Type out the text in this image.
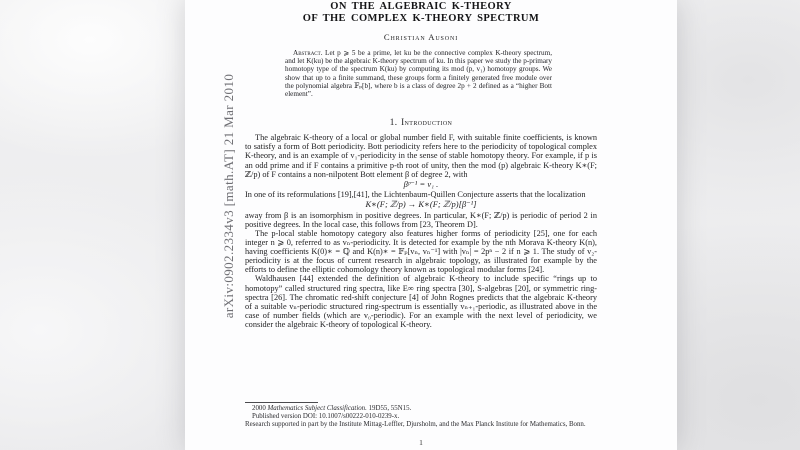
arXiv:0902.2334v3 [math.AT] 21 Mar 2010
ON THE ALGEBRAIC K-THEORY
OF THE COMPLEX K-THEORY SPECTRUM
Christian Ausoni

Abstract. Let p ⩾ 5 be a prime, let ku be the connective complex K-theory spectrum, and let K(ku) be the algebraic K-theory spectrum of ku. In this paper we study the p-primary homotopy type of the spectrum K(ku) by computing its mod (p, v₁) homotopy groups. We show that up to a finite summand, these groups form a finitely generated free module over the polynomial algebra 𝔽ₚ[b], where b is a class of degree 2p + 2 defined as a “higher Bott element”.

1. Introduction

The algebraic K-theory of a local or global number field F, with suitable finite coefficients, is known to satisfy a form of Bott periodicity. Bott periodicity refers here to the periodicity of topological complex K-theory, and is an example of v₁-periodicity in the sense of stable homotopy theory. For example, if p is an odd prime and if F contains a primitive p-th root of unity, then the mod (p) algebraic K-theory K∗(F; ℤ/p) of F contains a non-nilpotent Bott element β of degree 2, with

βᵖ⁻¹ = v₁ .

In one of its reformulations [19],[41], the Lichtenbaum-Quillen Conjecture asserts that the localization

K∗(F; ℤ/p) → K∗(F; ℤ/p)[β⁻¹]

away from β is an isomorphism in positive degrees. In particular, K∗(F; ℤ/p) is periodic of period 2 in positive degrees. In the local case, this follows from [23, Theorem D].

The p-local stable homotopy category also features higher forms of periodicity [25], one for each integer n ⩾ 0, referred to as vₙ-periodicity. It is detected for example by the nth Morava K-theory K(n), having coefficients K(0)∗ = ℚ and K(n)∗ = 𝔽ₚ[vₙ, vₙ⁻¹] with |vₙ| = 2pⁿ − 2 if n ⩾ 1. The study of v₂-periodicity is at the focus of current research in algebraic topology, as illustrated for example by the efforts to define the elliptic cohomology theory known as topological modular forms [24].

Waldhausen [44] extended the definition of algebraic K-theory to include specific “rings up to homotopy” called structured ring spectra, like E∞ ring spectra [30], S-algebras [20], or symmetric ring-spectra [26]. The chromatic red-shift conjecture [4] of John Rognes predicts that the algebraic K-theory of a suitable vₙ-periodic structured ring-spectrum is essentially vₙ₊₁-periodic, as illustrated above in the case of number fields (which are v₀-periodic). For an example with the next level of periodicity, we consider the algebraic K-theory of topological K-theory.

2000 Mathematics Subject Classification. 19D55, 55N15.

Published version DOI: 10.1007/s00222-010-0239-x.

Research supported in part by the Institute Mittag-Leffler, Djursholm, and the Max Planck Institute for Mathematics, Bonn.

1
